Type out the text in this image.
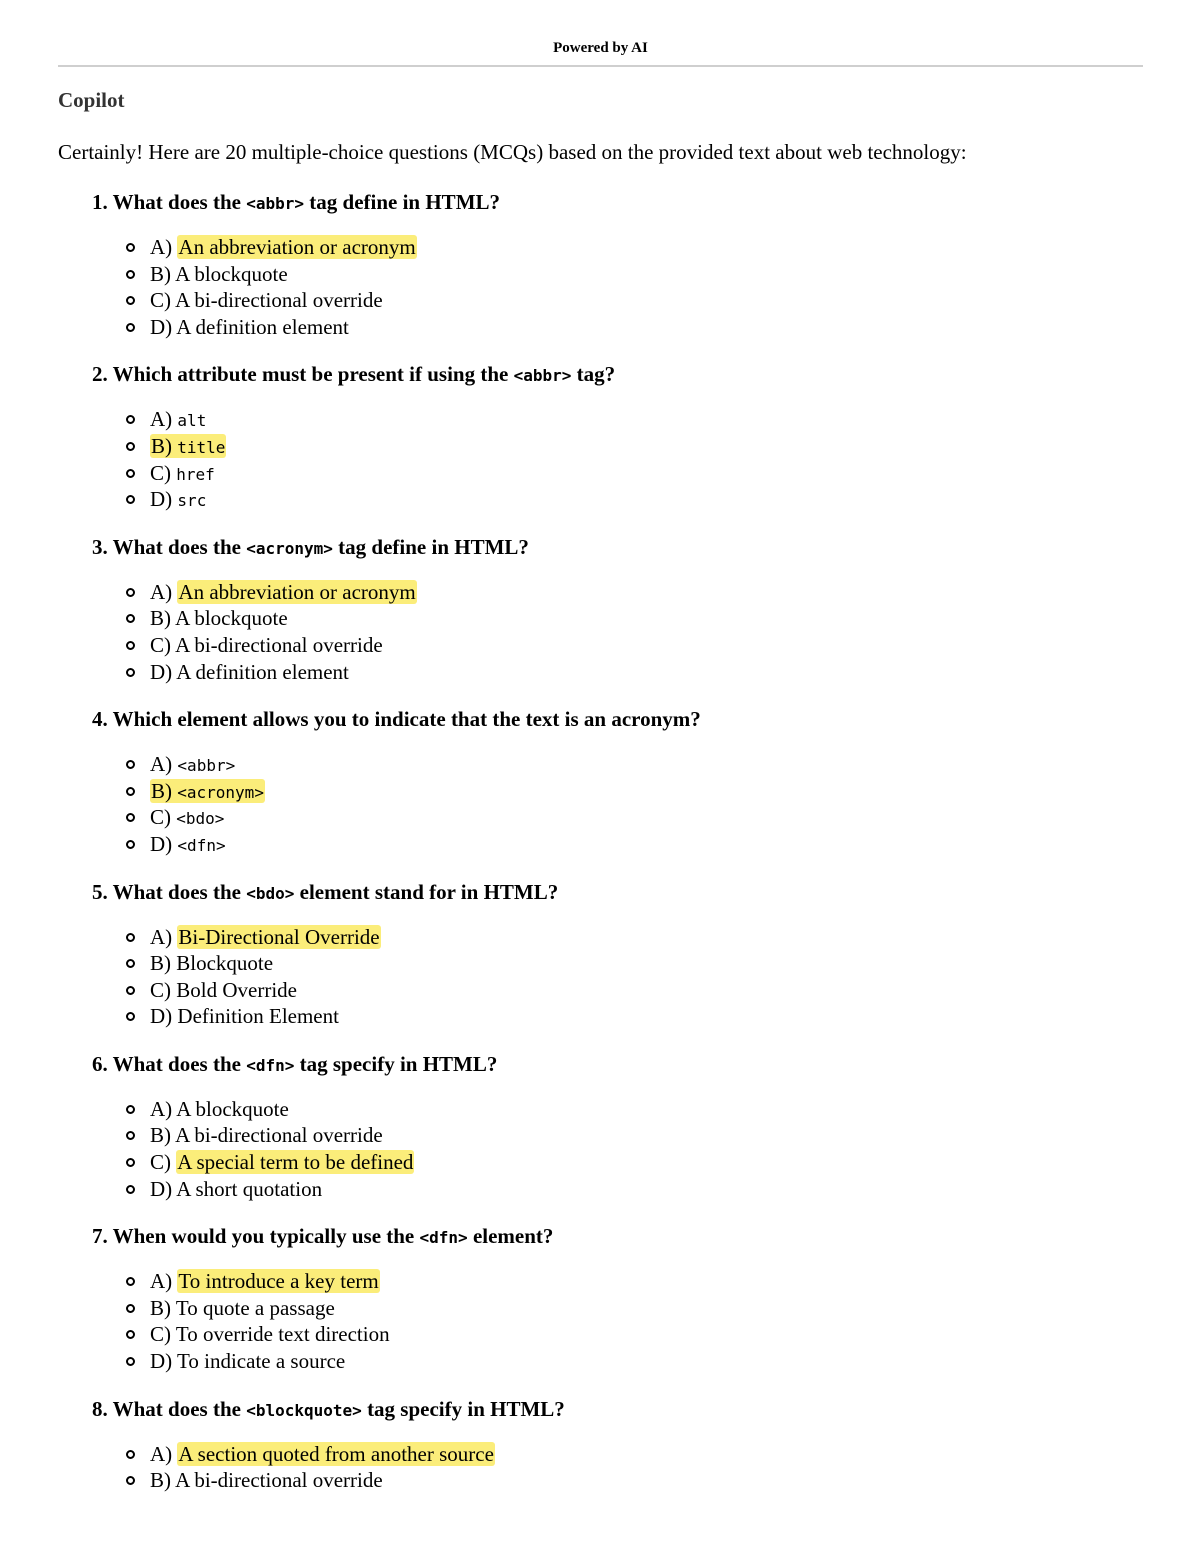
Powered by AI
Copilot
Certainly! Here are 20 multiple-choice questions (MCQs) based on the provided text about web technology:
1. What does the <abbr> tag define in HTML?
A) An abbreviation or acronym
B) A blockquote
C) A bi-directional override
D) A definition element
2. Which attribute must be present if using the <abbr> tag?
A) alt
B) title
C) href
D) src
3. What does the <acronym> tag define in HTML?
A) An abbreviation or acronym
B) A blockquote
C) A bi-directional override
D) A definition element
4. Which element allows you to indicate that the text is an acronym?
A) <abbr>
B) <acronym>
C) <bdo>
D) <dfn>
5. What does the <bdo> element stand for in HTML?
A) Bi-Directional Override
B) Blockquote
C) Bold Override
D) Definition Element
6. What does the <dfn> tag specify in HTML?
A) A blockquote
B) A bi-directional override
C) A special term to be defined
D) A short quotation
7. When would you typically use the <dfn> element?
A) To introduce a key term
B) To quote a passage
C) To override text direction
D) To indicate a source
8. What does the <blockquote> tag specify in HTML?
A) A section quoted from another source
B) A bi-directional override
